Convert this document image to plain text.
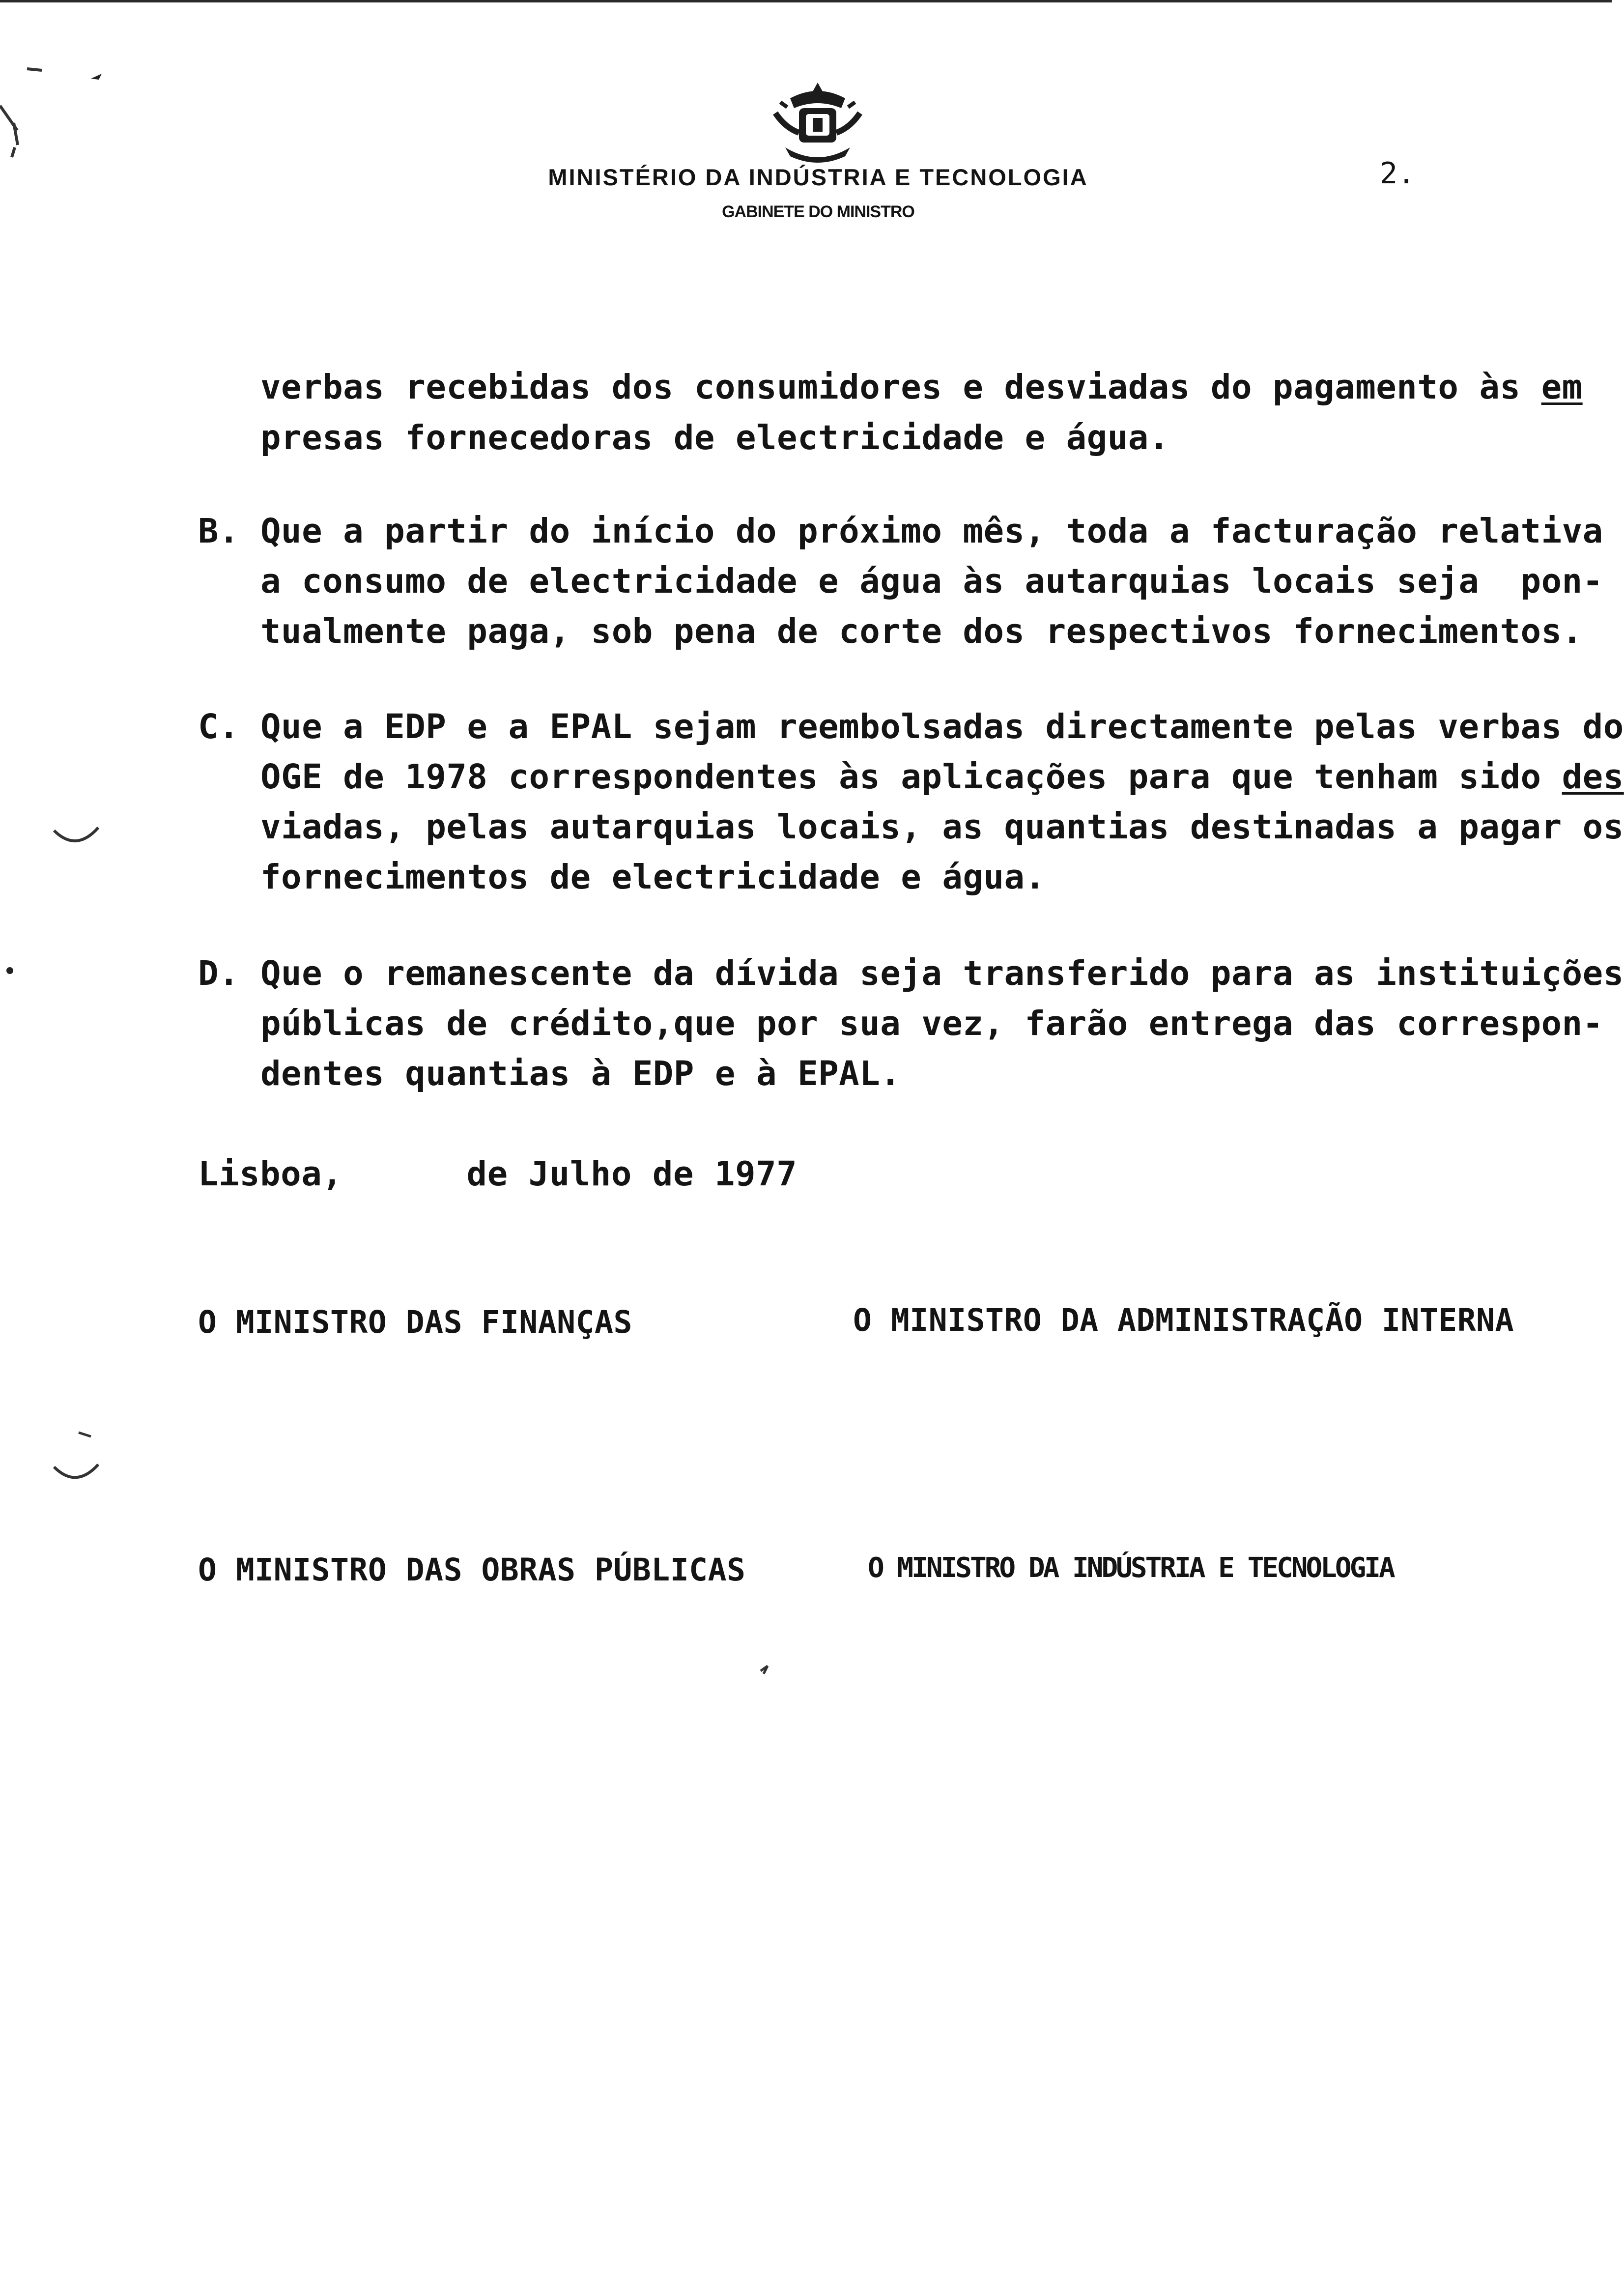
MINISTÉRIO DA INDÚSTRIA E TECNOLOGIA
GABINETE DO MINISTRO
2.
verbas recebidas dos consumidores e desviadas do pagamento às em
presas fornecedoras de electricidade e água.
B. Que a partir do início do próximo mês, toda a facturação relativa
a consumo de electricidade e água às autarquias locais seja  pon-
tualmente paga, sob pena de corte dos respectivos fornecimentos.
C. Que a EDP e a EPAL sejam reembolsadas directamente pelas verbas do
OGE de 1978 correspondentes às aplicações para que tenham sido des
viadas, pelas autarquias locais, as quantias destinadas a pagar os
fornecimentos de electricidade e água.
D. Que o remanescente da dívida seja transferido para as instituições
públicas de crédito,que por sua vez, farão entrega das correspon-
dentes quantias à EDP e à EPAL.
Lisboa,      de Julho de 1977
O MINISTRO DAS FINANÇAS	O MINISTRO DA ADMINISTRAÇÃO INTERNA
O MINISTRO DAS OBRAS PÚBLICAS	O MINISTRO DA INDÚSTRIA E TECNOLOGIA
